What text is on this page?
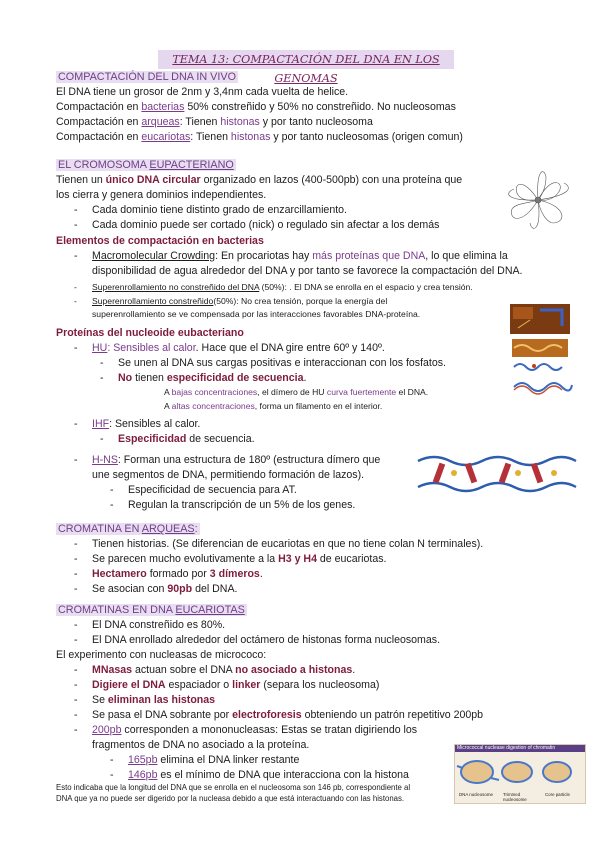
TEMA 13: COMPACTACIÓN DEL DNA EN LOS GENOMAS
COMPACTACIÓN DEL DNA IN VIVO
El DNA tiene un grosor de 2nm y 3,4nm cada vuelta de helice.
Compactación en bacterias 50% constreñido y 50% no constreñido. No nucleosomas
Compactación en arqueas: Tienen histonas y por tanto nucleosoma
Compactación en eucariotas: Tienen histonas y por tanto nucleosomas (origen comun)
EL CROMOSOMA EUPACTERIANO
Tienen un único DNA circular organizado en lazos (400-500pb) con una proteína que
los cierra y genera dominios independientes.
- Cada dominio tiene distinto grado de enzarcillamiento.
- Cada dominio puede ser cortado (nick) o regulado sin afectar a los demás
Elementos de compactación en bacterias
- Macromolecular Crowding: En procariotas hay más proteínas que DNA, lo que elimina la
disponibilidad de agua alrededor del DNA y por tanto se favorece la compactación del DNA.
- Superenrollamiento no constreñido del DNA (50%): . El DNA se enrolla en el espacio y crea tensión.
- Superenrollamiento constreñido(50%): No crea tensión, porque la energía del
superenrollamiento se ve compensada por las interacciones favorables DNA-proteína.
Proteínas del nucleoide eubacteriano
- HU: Sensibles al calor. Hace que el DNA gire entre 60º y 140º.
- Se unen al DNA sus cargas positivas e interaccionan con los fosfatos.
- No tienen especificidad de secuencia.
A bajas concentraciones, el dímero de HU curva fuertemente el DNA.
A altas concentraciones, forma un filamento en el interior.
- IHF: Sensibles al calor.
- Especificidad de secuencia.
- H-NS: Forman una estructura de 180º (estructura dímero que
une segmentos de DNA, permitiendo formación de lazos).
- Especificidad de secuencia para AT.
- Regulan la transcripción de un 5% de los genes.
CROMATINA EN ARQUEAS:
- Tienen historias. (Se diferencian de eucariotas en que no tiene colan N terminales).
- Se parecen mucho evolutivamente a la H3 y H4 de eucariotas.
- Hectamero formado por 3 dímeros.
- Se asocian con 90pb del DNA.
CROMATINAS EN DNA EUCARIOTAS
- El DNA constreñido es 80%.
- El DNA enrollado alrededor del octámero de histonas forma nucleosomas.
El experimento con nucleasas de micrococo:
- MNasas actuan sobre el DNA no asociado a histonas.
- Digiere el DNA espaciador o linker (separa los nucleosoma)
- Se eliminan las histonas
- Se pasa el DNA sobrante por electroforesis obteniendo un patrón repetitivo 200pb
- 200pb corresponden a mononucleasas: Estas se tratan digiriendo los
fragmentos de DNA no asociado a la proteína.
- 165pb elimina el DNA linker restante
- 146pb es el mínimo de DNA que interacciona con la histona
Esto indicaba que la longitud del DNA que se enrolla en el nucleosoma son 146 pb, correspondiente al
DNA que ya no puede ser digerido por la nucleasa debido a que está interactuando con las histonas.
Micrococcal nuclease digestion of chromatin
DNA nucleosome	Trimmed nucleosome
Core particle
